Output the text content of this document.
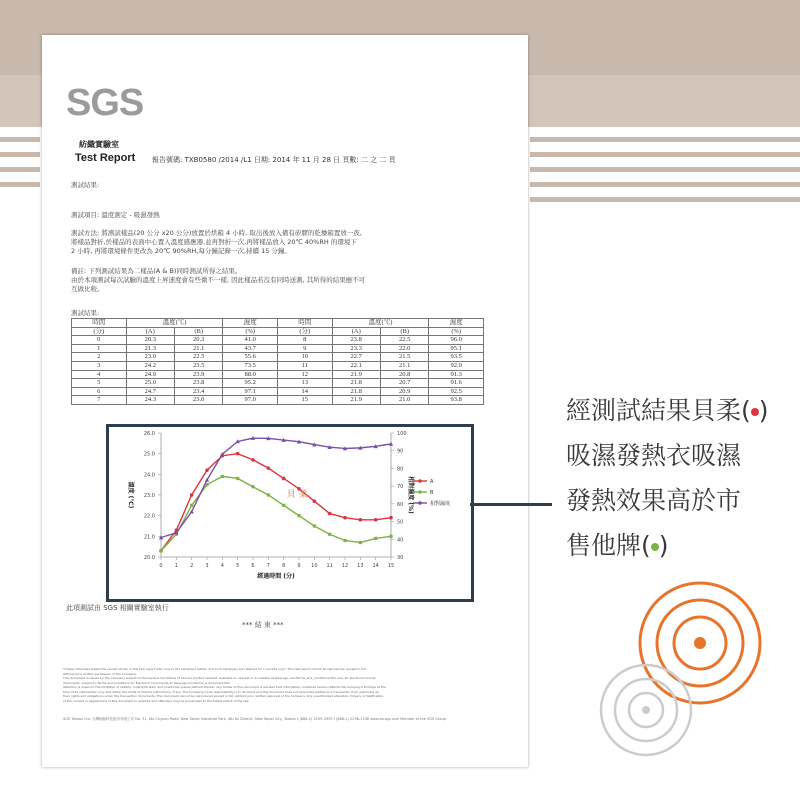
SGS
紡織實驗室
Test Report 報告號碼: TXB0580 /2014 /L1 日期: 2014 年 11 月 28 日 頁數: 二 之 二 頁
測試結果:
測試項目: 溫度測定 - 吸濕發熱
測試方法: 將測試樣品(20 公分 x20 公分)放置於烘箱 4 小時, 取出後放入備有矽膠的乾燥箱置放一夜,
將樣品對折,於樣品的表面中心置入溫度感應器,並再對折一次,再將樣品放入 20℃ 40%RH 的環境下
2 小時, 再將環境條件更改為 20℃ 90%RH,每分鐘記錄一次,持續 15 分鐘。
備註: 下列測試結果為二樣品(A & B)同時測試所得之結果。
由於本項測試每次試驗的溫度上昇速度會有些微不一樣, 因此樣品若沒有同時送測, 其所得的結果應不可
互做比較。
測試結果:
時間	溫度(℃)		濕度	時間	溫度(℃)		濕度
(分)	(A)	(B)	(%)	(分)	(A)	(B)	(%)
0	20.3	20.3	41.0	8	23.8	22.5	96.0
1	21.3	21.1	43.7	9	23.3	22.0	95.1
2	23.0	22.5	55.6	10	22.7	21.5	93.5
3	24.2	23.5	73.5	11	22.1	21.1	92.0
4	24.9	23.9	88.0	12	21.9	20.8	91.3
5	25.0	23.8	95.2	13	21.8	20.7	91.6
6	24.7	23.4	97.1	14	21.8	20.9	92.5
7	24.3	23.0	97.0	15	21.9	21.0	93.8
20.0
21.0
22.0
23.0
24.0
25.0
26.0
30
40
50
60
70
80
90
100
0 1 2 3 4 5 6 7 8 9 10 11 12 13 14 15
經過時間 (分)
溫度 (℃)	相對濕度 (%)	A
B
相對濕度
貝 柔
此項測試由 SGS 相關實驗室執行
*** 結 束 ***
*Unless otherwise stated the results shown in this test report refer only to the sample(s) tested, and such sample(s) are retained for 1 months only.* This test report cannot be reproduced, except in full,
without prior written permission of the Company.
This document is issued by the Company subject to the General Conditions of Service printed overleaf, available on request or accessible at www.sgs.com/terms_and_conditions.htm and, for electronic format
documents, subject to Terms and Conditions for Electronic Documents at www.sgs.com/terms_e-document.htm
Attention is drawn to the limitation of liability, indemnification and jurisdiction issues defined therein. Any holder of this document is advised that information contained hereon reflects the Company's findings at the
time of its intervention only and within the limits of Client's instructions, if any. The Company's sole responsibility is to its Client and this document does not exonerate parties to a transaction from exercising all
their rights and obligations under the transaction documents. This document cannot be reproduced except in full, without prior written approval of the Company. Any unauthorized alteration, forgery or falsification
of the content or appearance of this document is unlawful and offenders may be prosecuted to the fullest extent of the law.
SGS Taiwan Ltd. 台灣檢驗科技股份有限公司 No. 31, Wu Chyuan Road, New Taipei Industrial Park, Wu Ku District, New Taipei City, Taiwan t (886-2) 2299-3939 f (886-2) 2298-1338 www.tw.sgs.com Member of the SGS Group
經測試結果貝柔( )
吸濕發熱衣吸濕
發熱效果高於市
售他牌( )
